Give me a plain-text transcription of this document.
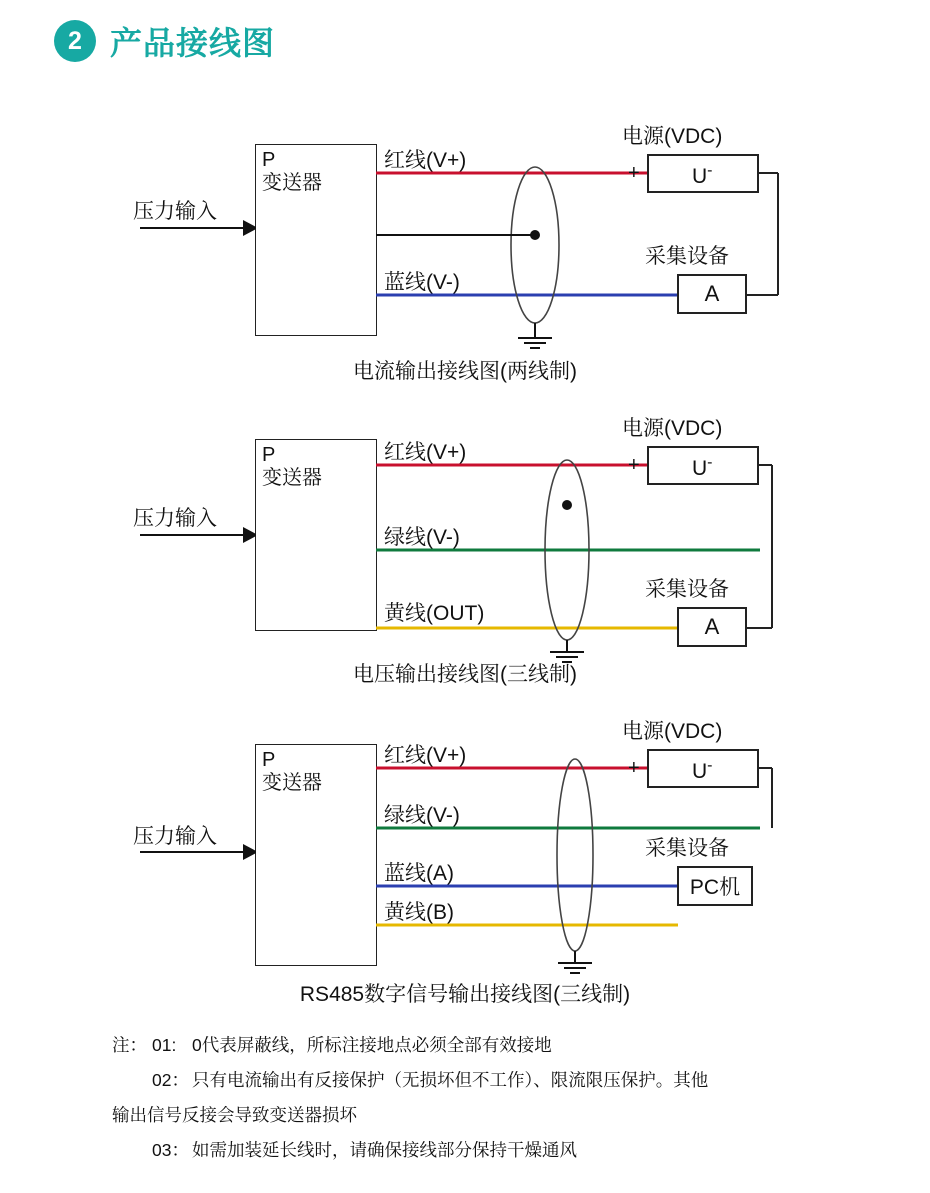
2 产品接线图
压力输入
P
变送器
红线(V+)
蓝线(V-)
电源(VDC)
+ U-
采集设备
A
电流输出接线图(两线制)
压力输入
P
变送器
红线(V+)
绿线(V-)
黄线(OUT)
电源(VDC)
+ U-
采集设备
A
电压输出接线图(三线制)
压力输入
P
变送器
红线(V+)
绿线(V-)
蓝线(A)
黄线(B)
电源(VDC)
+ U-
采集设备
PC机
RS485数字信号输出接线图(三线制)
注： 01: 0代表屏蔽线，所标注接地点必须全部有效接地
02： 只有电流输出有反接保护（无损坏但不工作）、限流限压保护。其他
输出信号反接会导致变送器损坏
03： 如需加装延长线时，请确保接线部分保持干燥通风
